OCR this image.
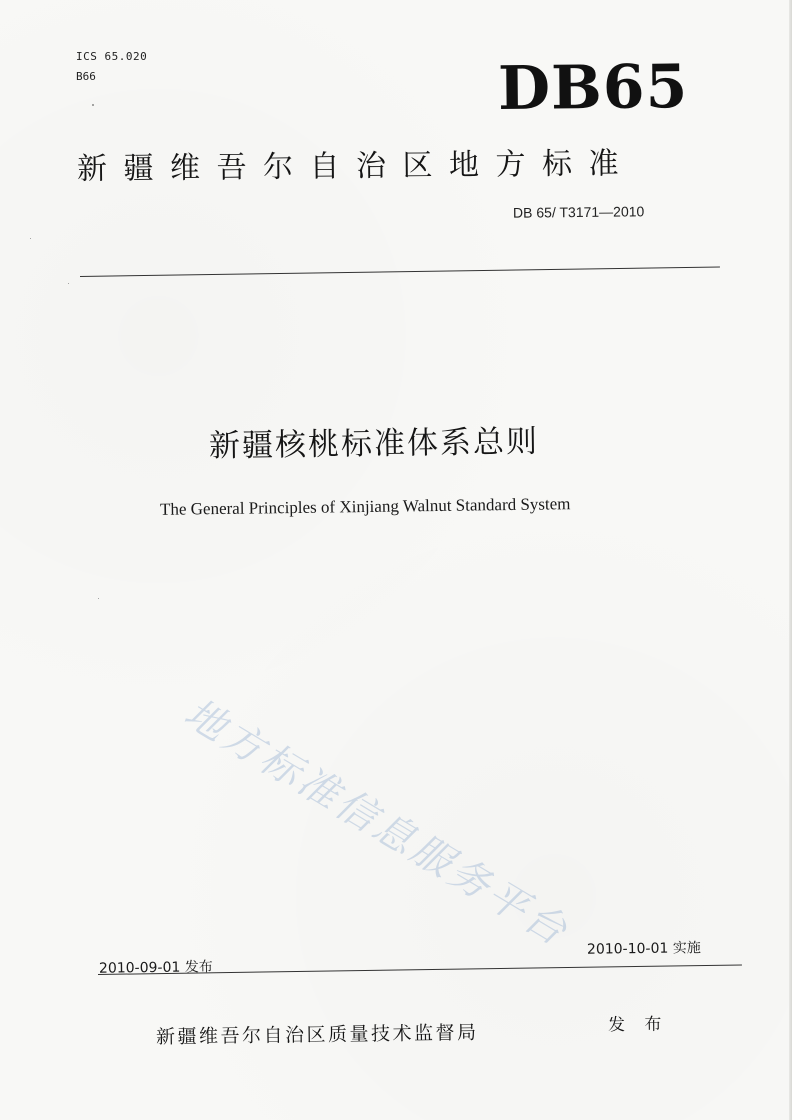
ICS 65.020
B66	DB65
新疆维吾尔自治区地方标准
DB 65/ T3171—2010
新疆核桃标准体系总则
The General Principles of Xinjiang Walnut Standard System
地方标准信息服务平台 2010-10-01 实施
2010-09-01 发布
新疆维吾尔自治区质量技术监督局	发 布
